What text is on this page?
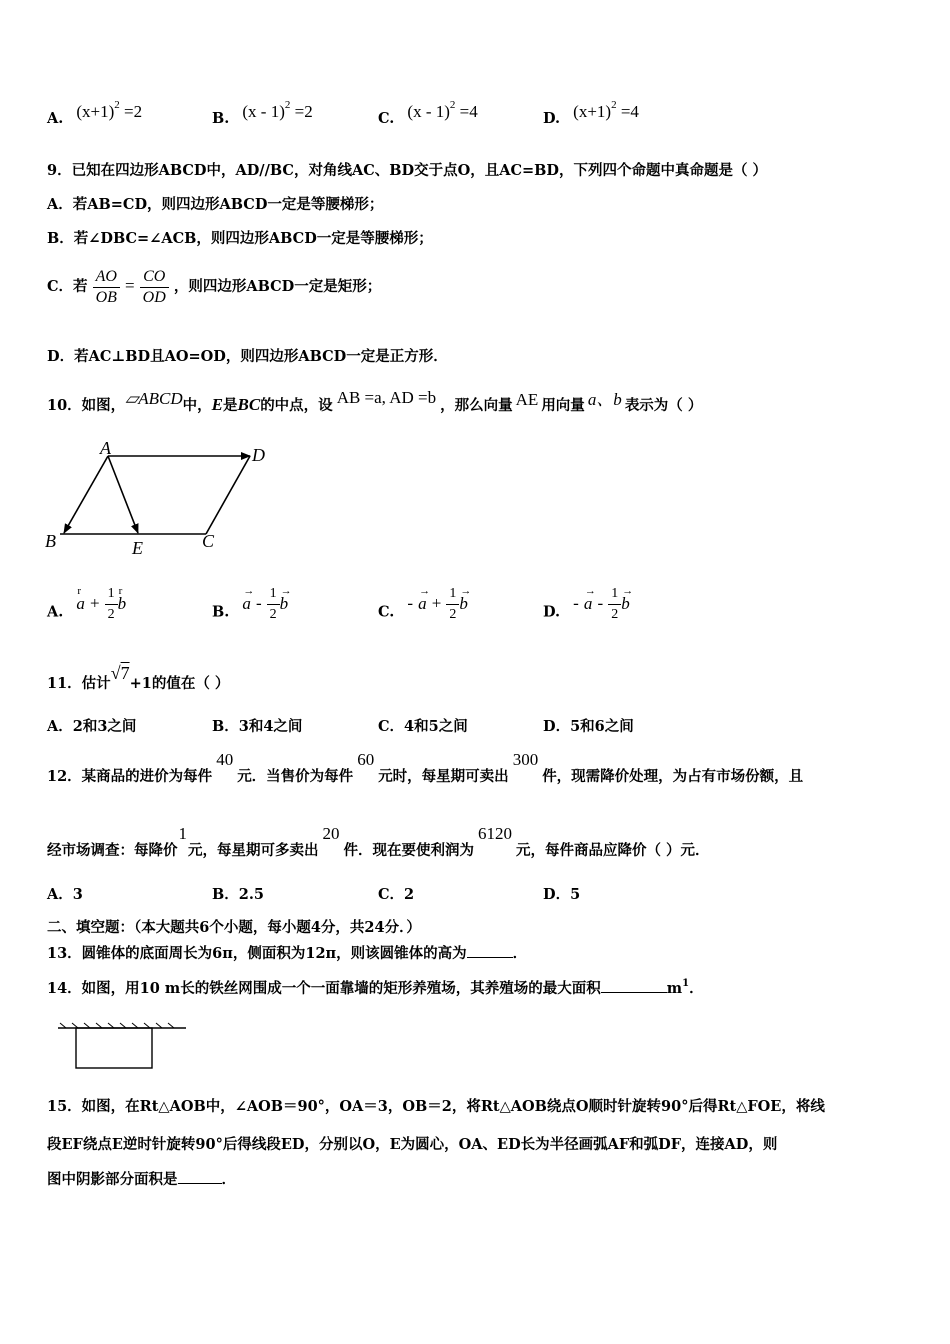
A. $(x+1)^2 =2$	B. (x - 1)$^2$ =2	C. (x - 1)$^2$ =4	D. $(x+1)^2 =4$
9．已知在四边形ABCD中，AD//BC，对角线AC、BD交于点O，且AC=BD，下列四个命题中真命题是（ ）
A．若AB=CD，则四边形ABCD一定是等腰梯形；
B．若∠DBC=∠ACB，则四边形ABCD一定是等腰梯形；
C．若 $\frac{AO}{OB} = \frac{CO}{OD}$ ，则四边形ABCD一定是矩形；
D．若AC⊥BD且AO=OD，则四边形ABCD一定是正方形．
10．如图，▱ABCD中，E是BC的中点，设 AB =a, AD =b ，那么向量 AE 用向量 a、b 表示为（ ）
A	D
B	E	C
A.
r
$a + \frac{1}{2}$ r
b	B.
→
a - $\frac{1}{2}$ →
b	C. -
→
$a + \frac{1}{2}$ →
b	D. -
→
a - $\frac{1}{2}$ →
b
11．估计√7+1的值在（ ）
A．2和3之间	B．3和4之间	C．4和5之间	D．5和6之间
12．某商品的进价为每件40元．当售价为每件60元时，每星期可卖出300件，现需降价处理，为占有市场份额，且
经市场调查：每降价1元，每星期可多卖出20件．现在要使利润为6120元，每件商品应降价（ ）元．
A．3	B．2.5	C．2	D．5
二、填空题：（本大题共6个小题，每小题4分，共24分．）
13．圆锥体的底面周长为6π，侧面积为12π，则该圆锥体的高为	．
14．如图，用10 m长的铁丝网围成一个一面靠墙的矩形养殖场，其养殖场的最大面积	$m^1$．
15．如图，在Rt△AOB中，∠AOB＝90°，OA＝3，OB＝2，将Rt△AOB绕点O顺时针旋转90°后得Rt△FOE，将线
段EF绕点E逆时针旋转90°后得线段ED，分别以O，E为圆心，OA、ED长为半径画弧AF和弧DF，连接AD，则
图中阴影部分面积是	．
